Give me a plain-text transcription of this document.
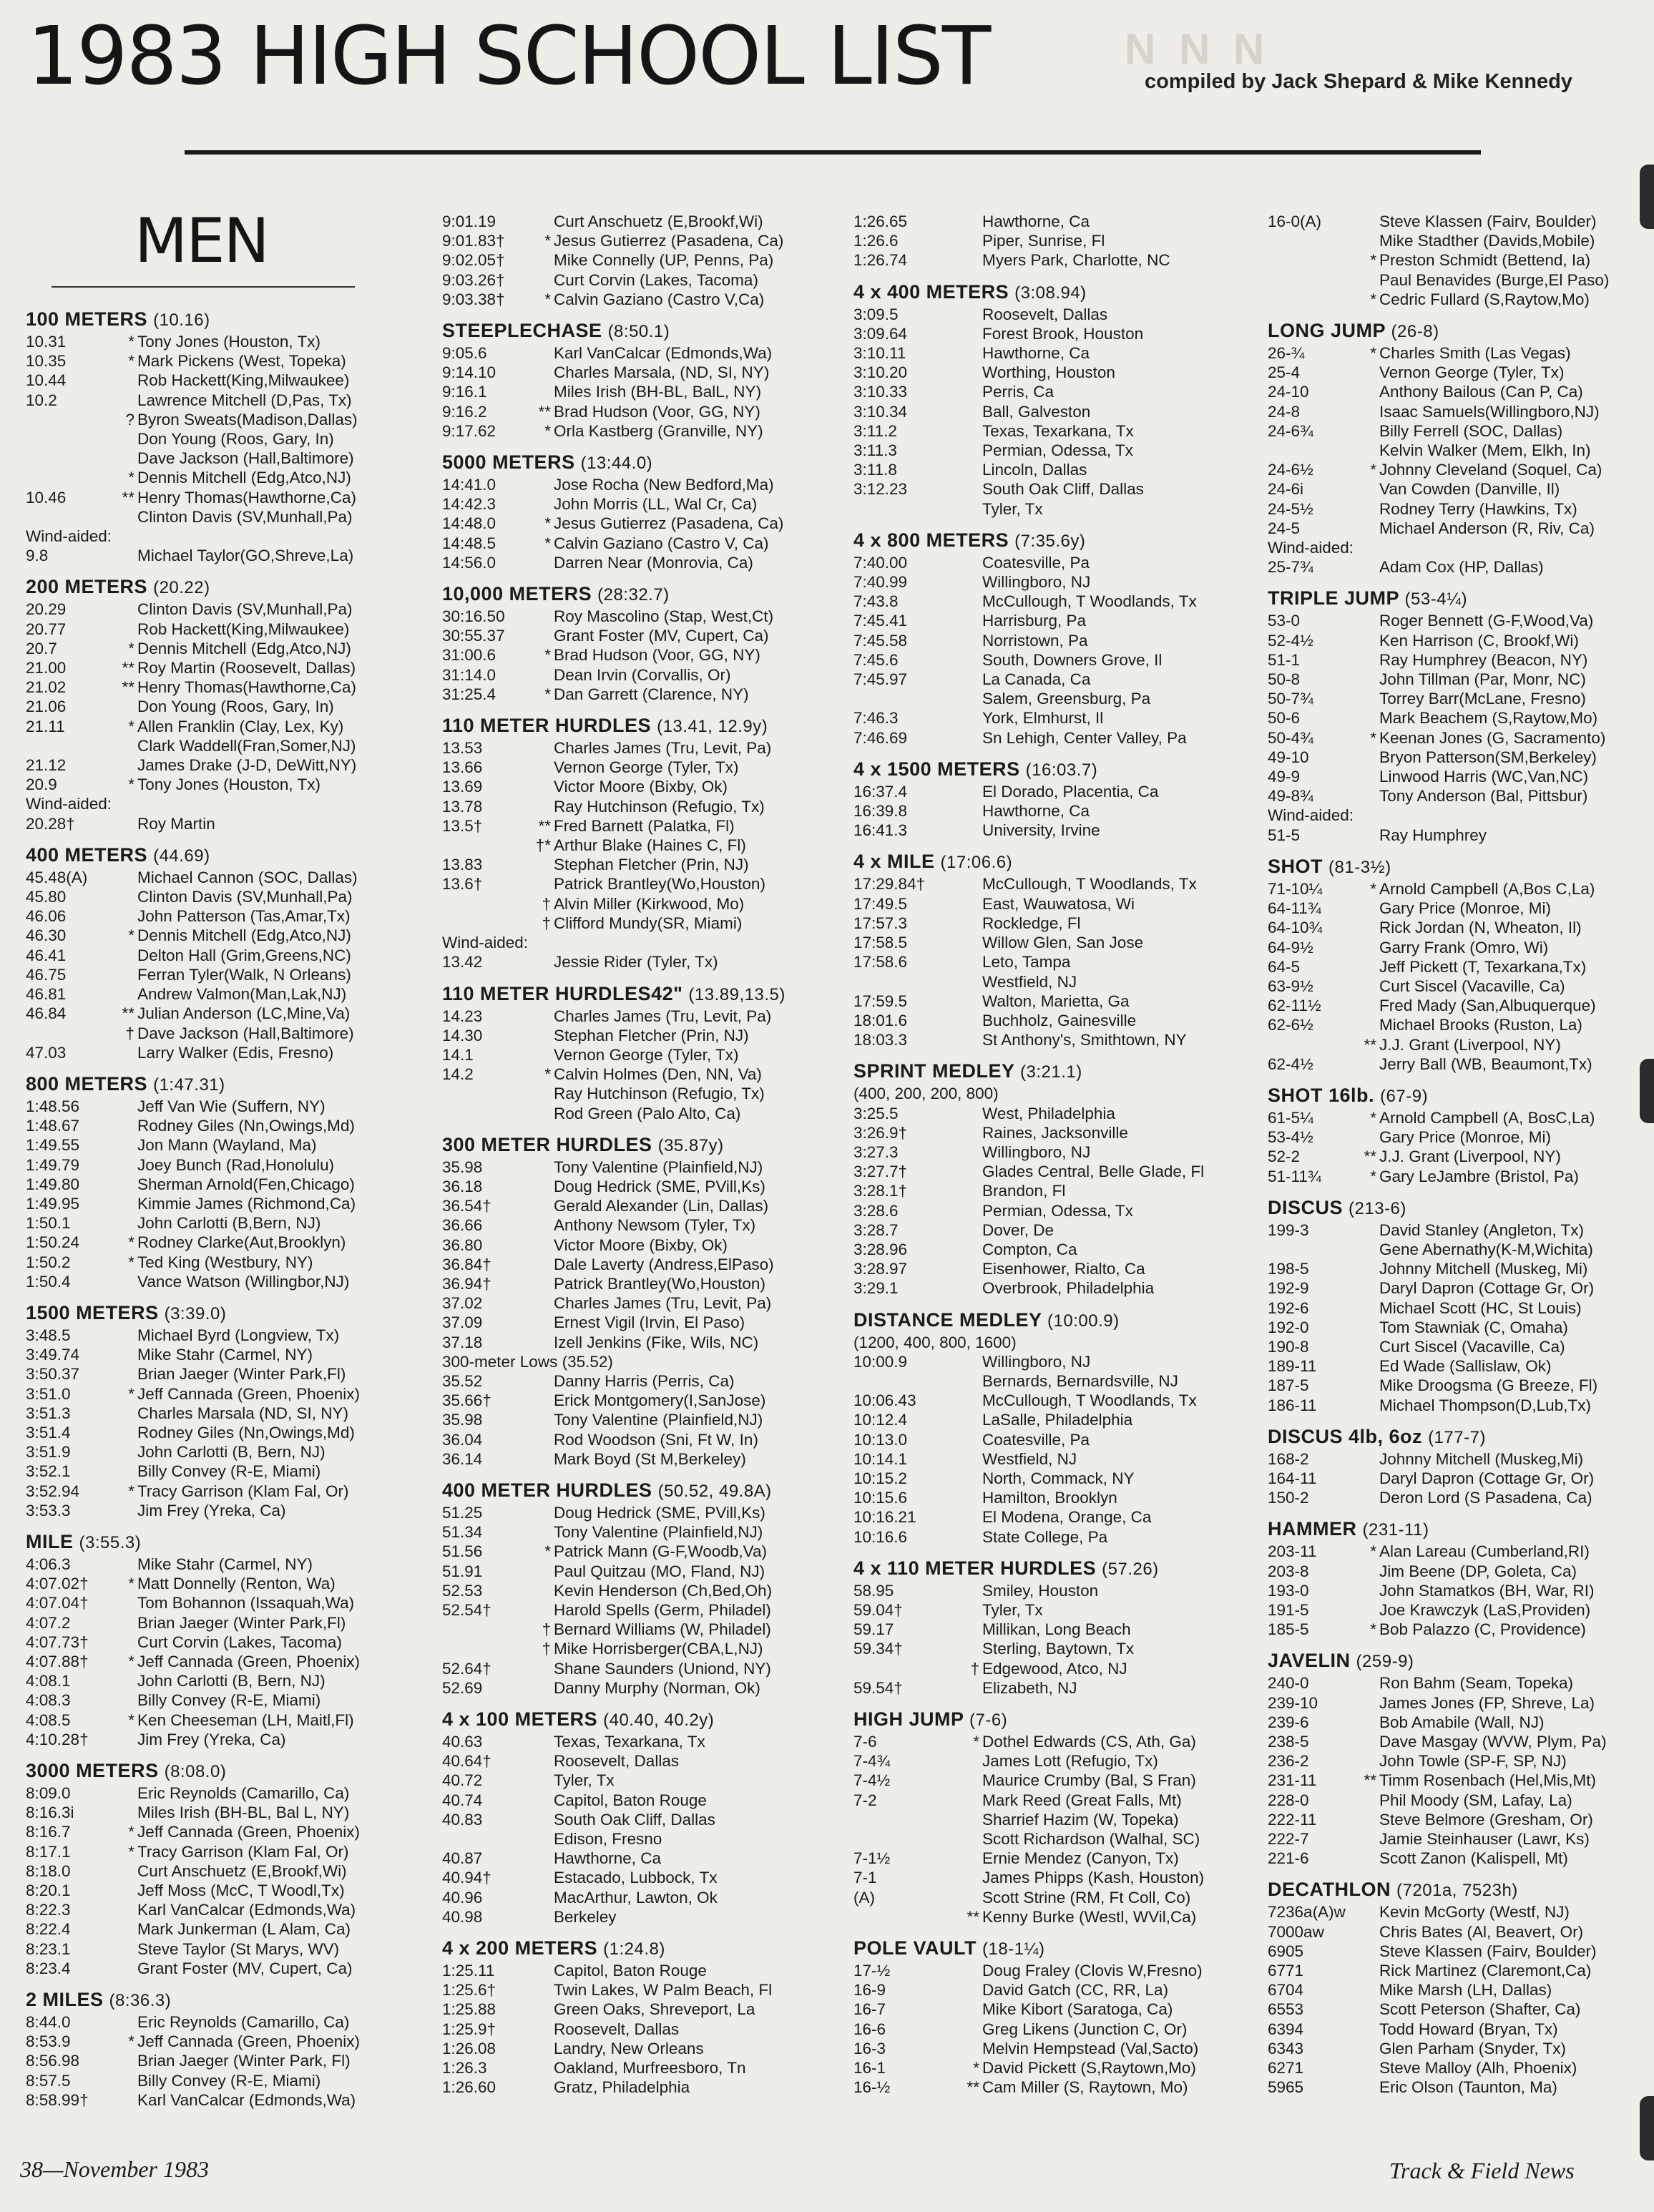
N N N
1983 HIGH SCHOOL LIST	compiled by Jack Shepard & Mike Kennedy
MEN
100 METERS (10.16)
10.31	* Tony Jones (Houston, Tx)
10.35	* Mark Pickens (West, Topeka)
10.44	Rob Hackett(King,Milwaukee)
10.2	Lawrence Mitchell (D,Pas, Tx)
? Byron Sweats(Madison,Dallas)
Don Young (Roos, Gary, In)
Dave Jackson (Hall,Baltimore)
* Dennis Mitchell (Edg,Atco,NJ)
10.46	** Henry Thomas(Hawthorne,Ca)
Clinton Davis (SV,Munhall,Pa)
Wind-aided:
9.8	Michael Taylor(GO,Shreve,La)
200 METERS (20.22)
20.29	Clinton Davis (SV,Munhall,Pa)
20.77	Rob Hackett(King,Milwaukee)
20.7	* Dennis Mitchell (Edg,Atco,NJ)
21.00	** Roy Martin (Roosevelt, Dallas)
21.02	** Henry Thomas(Hawthorne,Ca)
21.06	Don Young (Roos, Gary, In)
21.11	* Allen Franklin (Clay, Lex, Ky)
Clark Waddell(Fran,Somer,NJ)
21.12	James Drake (J-D, DeWitt,NY)
20.9	* Tony Jones (Houston, Tx)
Wind-aided:
20.28†	Roy Martin
400 METERS (44.69)
45.48(A)	Michael Cannon (SOC, Dallas)
45.80	Clinton Davis (SV,Munhall,Pa)
46.06	John Patterson (Tas,Amar,Tx)
46.30	* Dennis Mitchell (Edg,Atco,NJ)
46.41	Delton Hall (Grim,Greens,NC)
46.75	Ferran Tyler(Walk, N Orleans)
46.81	Andrew Valmon(Man,Lak,NJ)
46.84	** Julian Anderson (LC,Mine,Va)
† Dave Jackson (Hall,Baltimore)
47.03	Larry Walker (Edis, Fresno)
800 METERS (1:47.31)
1:48.56	Jeff Van Wie (Suffern, NY)
1:48.67	Rodney Giles (Nn,Owings,Md)
1:49.55	Jon Mann (Wayland, Ma)
1:49.79	Joey Bunch (Rad,Honolulu)
1:49.80	Sherman Arnold(Fen,Chicago)
1:49.95	Kimmie James (Richmond,Ca)
1:50.1	John Carlotti (B,Bern, NJ)
1:50.24	* Rodney Clarke(Aut,Brooklyn)
1:50.2	* Ted King (Westbury, NY)
1:50.4	Vance Watson (Willingbor,NJ)
1500 METERS (3:39.0)
3:48.5	Michael Byrd (Longview, Tx)
3:49.74	Mike Stahr (Carmel, NY)
3:50.37	Brian Jaeger (Winter Park,Fl)
3:51.0	* Jeff Cannada (Green, Phoenix)
3:51.3	Charles Marsala (ND, SI, NY)
3:51.4	Rodney Giles (Nn,Owings,Md)
3:51.9	John Carlotti (B, Bern, NJ)
3:52.1	Billy Convey (R-E, Miami)
3:52.94	* Tracy Garrison (Klam Fal, Or)
3:53.3	Jim Frey (Yreka, Ca)
MILE (3:55.3)
4:06.3	Mike Stahr (Carmel, NY)
4:07.02†	* Matt Donnelly (Renton, Wa)
4:07.04†	Tom Bohannon (Issaquah,Wa)
4:07.2	Brian Jaeger (Winter Park,Fl)
4:07.73†	Curt Corvin (Lakes, Tacoma)
4:07.88†	* Jeff Cannada (Green, Phoenix)
4:08.1	John Carlotti (B, Bern, NJ)
4:08.3	Billy Convey (R-E, Miami)
4:08.5	* Ken Cheeseman (LH, Maitl,Fl)
4:10.28†	Jim Frey (Yreka, Ca)
3000 METERS (8:08.0)
8:09.0	Eric Reynolds (Camarillo, Ca)
8:16.3i	Miles Irish (BH-BL, Bal L, NY)
8:16.7	* Jeff Cannada (Green, Phoenix)
8:17.1	* Tracy Garrison (Klam Fal, Or)
8:18.0	Curt Anschuetz (E,Brookf,Wi)
8:20.1	Jeff Moss (McC, T Woodl,Tx)
8:22.3	Karl VanCalcar (Edmonds,Wa)
8:22.4	Mark Junkerman (L Alam, Ca)
8:23.1	Steve Taylor (St Marys, WV)
8:23.4	Grant Foster (MV, Cupert, Ca)
2 MILES (8:36.3)
8:44.0	Eric Reynolds (Camarillo, Ca)
8:53.9	* Jeff Cannada (Green, Phoenix)
8:56.98	Brian Jaeger (Winter Park, Fl)
8:57.5	Billy Convey (R-E, Miami)
8:58.99†	Karl VanCalcar (Edmonds,Wa)
9:01.19	Curt Anschuetz (E,Brookf,Wi)
9:01.83†	* Jesus Gutierrez (Pasadena, Ca)
9:02.05†	Mike Connelly (UP, Penns, Pa)
9:03.26†	Curt Corvin (Lakes, Tacoma)
9:03.38†	* Calvin Gaziano (Castro V,Ca)
STEEPLECHASE (8:50.1)
9:05.6	Karl VanCalcar (Edmonds,Wa)
9:14.10	Charles Marsala, (ND, SI, NY)
9:16.1	Miles Irish (BH-BL, BalL, NY)
9:16.2	** Brad Hudson (Voor, GG, NY)
9:17.62	* Orla Kastberg (Granville, NY)
5000 METERS (13:44.0)
14:41.0	Jose Rocha (New Bedford,Ma)
14:42.3	John Morris (LL, Wal Cr, Ca)
14:48.0	* Jesus Gutierrez (Pasadena, Ca)
14:48.5	* Calvin Gaziano (Castro V, Ca)
14:56.0	Darren Near (Monrovia, Ca)
10,000 METERS (28:32.7)
30:16.50	Roy Mascolino (Stap, West,Ct)
30:55.37	Grant Foster (MV, Cupert, Ca)
31:00.6	* Brad Hudson (Voor, GG, NY)
31:14.0	Dean Irvin (Corvallis, Or)
31:25.4	* Dan Garrett (Clarence, NY)
110 METER HURDLES (13.41, 12.9y)
13.53	Charles James (Tru, Levit, Pa)
13.66	Vernon George (Tyler, Tx)
13.69	Victor Moore (Bixby, Ok)
13.78	Ray Hutchinson (Refugio, Tx)
13.5†	** Fred Barnett (Palatka, Fl)
†* Arthur Blake (Haines C, Fl)
13.83	Stephan Fletcher (Prin, NJ)
13.6†	Patrick Brantley(Wo,Houston)
† Alvin Miller (Kirkwood, Mo)
† Clifford Mundy(SR, Miami)
Wind-aided:
13.42	Jessie Rider (Tyler, Tx)
110 METER HURDLES42" (13.89,13.5)
14.23	Charles James (Tru, Levit, Pa)
14.30	Stephan Fletcher (Prin, NJ)
14.1	Vernon George (Tyler, Tx)
14.2	* Calvin Holmes (Den, NN, Va)
Ray Hutchinson (Refugio, Tx)
Rod Green (Palo Alto, Ca)
300 METER HURDLES (35.87y)
35.98	Tony Valentine (Plainfield,NJ)
36.18	Doug Hedrick (SME, PVill,Ks)
36.54†	Gerald Alexander (Lin, Dallas)
36.66	Anthony Newsom (Tyler, Tx)
36.80	Victor Moore (Bixby, Ok)
36.84†	Dale Laverty (Andress,ElPaso)
36.94†	Patrick Brantley(Wo,Houston)
37.02	Charles James (Tru, Levit, Pa)
37.09	Ernest Vigil (Irvin, El Paso)
37.18	Izell Jenkins (Fike, Wils, NC)
300-meter Lows (35.52)
35.52	Danny Harris (Perris, Ca)
35.66†	Erick Montgomery(I,SanJose)
35.98	Tony Valentine (Plainfield,NJ)
36.04	Rod Woodson (Sni, Ft W, In)
36.14	Mark Boyd (St M,Berkeley)
400 METER HURDLES (50.52, 49.8A)
51.25	Doug Hedrick (SME, PVill,Ks)
51.34	Tony Valentine (Plainfield,NJ)
51.56	* Patrick Mann (G-F,Woodb,Va)
51.91	Paul Quitzau (MO, Fland, NJ)
52.53	Kevin Henderson (Ch,Bed,Oh)
52.54†	Harold Spells (Germ, Philadel)
† Bernard Williams (W, Philadel)
† Mike Horrisberger(CBA,L,NJ)
52.64†	Shane Saunders (Uniond, NY)
52.69	Danny Murphy (Norman, Ok)
4 x 100 METERS (40.40, 40.2y)
40.63	Texas, Texarkana, Tx
40.64†	Roosevelt, Dallas
40.72	Tyler, Tx
40.74	Capitol, Baton Rouge
40.83	South Oak Cliff, Dallas
Edison, Fresno
40.87	Hawthorne, Ca
40.94†	Estacado, Lubbock, Tx
40.96	MacArthur, Lawton, Ok
40.98	Berkeley
4 x 200 METERS (1:24.8)
1:25.11	Capitol, Baton Rouge
1:25.6†	Twin Lakes, W Palm Beach, Fl
1:25.88	Green Oaks, Shreveport, La
1:25.9†	Roosevelt, Dallas
1:26.08	Landry, New Orleans
1:26.3	Oakland, Murfreesboro, Tn
1:26.60	Gratz, Philadelphia
1:26.65	Hawthorne, Ca
1:26.6	Piper, Sunrise, Fl
1:26.74	Myers Park, Charlotte, NC
4 x 400 METERS (3:08.94)
3:09.5	Roosevelt, Dallas
3:09.64	Forest Brook, Houston
3:10.11	Hawthorne, Ca
3:10.20	Worthing, Houston
3:10.33	Perris, Ca
3:10.34	Ball, Galveston
3:11.2	Texas, Texarkana, Tx
3:11.3	Permian, Odessa, Tx
3:11.8	Lincoln, Dallas
3:12.23	South Oak Cliff, Dallas
Tyler, Tx
4 x 800 METERS (7:35.6y)
7:40.00	Coatesville, Pa
7:40.99	Willingboro, NJ
7:43.8	McCullough, T Woodlands, Tx
7:45.41	Harrisburg, Pa
7:45.58	Norristown, Pa
7:45.6	South, Downers Grove, Il
7:45.97	La Canada, Ca
Salem, Greensburg, Pa
7:46.3	York, Elmhurst, Il
7:46.69	Sn Lehigh, Center Valley, Pa
4 x 1500 METERS (16:03.7)
16:37.4	El Dorado, Placentia, Ca
16:39.8	Hawthorne, Ca
16:41.3	University, Irvine
4 x MILE (17:06.6)
17:29.84†	McCullough, T Woodlands, Tx
17:49.5	East, Wauwatosa, Wi
17:57.3	Rockledge, Fl
17:58.5	Willow Glen, San Jose
17:58.6	Leto, Tampa
Westfield, NJ
17:59.5	Walton, Marietta, Ga
18:01.6	Buchholz, Gainesville
18:03.3	St Anthony's, Smithtown, NY
SPRINT MEDLEY (3:21.1)
(400, 200, 200, 800)
3:25.5	West, Philadelphia
3:26.9†	Raines, Jacksonville
3:27.3	Willingboro, NJ
3:27.7†	Glades Central, Belle Glade, Fl
3:28.1†	Brandon, Fl
3:28.6	Permian, Odessa, Tx
3:28.7	Dover, De
3:28.96	Compton, Ca
3:28.97	Eisenhower, Rialto, Ca
3:29.1	Overbrook, Philadelphia
DISTANCE MEDLEY (10:00.9)
(1200, 400, 800, 1600)
10:00.9	Willingboro, NJ
Bernards, Bernardsville, NJ
10:06.43	McCullough, T Woodlands, Tx
10:12.4	LaSalle, Philadelphia
10:13.0	Coatesville, Pa
10:14.1	Westfield, NJ
10:15.2	North, Commack, NY
10:15.6	Hamilton, Brooklyn
10:16.21	El Modena, Orange, Ca
10:16.6	State College, Pa
4 x 110 METER HURDLES (57.26)
58.95	Smiley, Houston
59.04†	Tyler, Tx
59.17	Millikan, Long Beach
59.34†	Sterling, Baytown, Tx
† Edgewood, Atco, NJ
59.54†	Elizabeth, NJ
HIGH JUMP (7-6)
7-6	* Dothel Edwards (CS, Ath, Ga)
7-4¾	James Lott (Refugio, Tx)
7-4½	Maurice Crumby (Bal, S Fran)
7-2	Mark Reed (Great Falls, Mt)
Sharrief Hazim (W, Topeka)
Scott Richardson (Walhal, SC)
7-1½	Ernie Mendez (Canyon, Tx)
7-1	James Phipps (Kash, Houston)
(A)	Scott Strine (RM, Ft Coll, Co)
** Kenny Burke (Westl, WVil,Ca)
POLE VAULT (18-1¼)
17-½	Doug Fraley (Clovis W,Fresno)
16-9	David Gatch (CC, RR, La)
16-7	Mike Kibort (Saratoga, Ca)
16-6	Greg Likens (Junction C, Or)
16-3	Melvin Hempstead (Val,Sacto)
16-1	* David Pickett (S,Raytown,Mo)
16-½	** Cam Miller (S, Raytown, Mo)
16-0(A)	Steve Klassen (Fairv, Boulder)
Mike Stadther (Davids,Mobile)
* Preston Schmidt (Bettend, Ia)
Paul Benavides (Burge,El Paso)
* Cedric Fullard (S,Raytow,Mo)
LONG JUMP (26-8)
26-¾	* Charles Smith (Las Vegas)
25-4	Vernon George (Tyler, Tx)
24-10	Anthony Bailous (Can P, Ca)
24-8	Isaac Samuels(Willingboro,NJ)
24-6¾	Billy Ferrell (SOC, Dallas)
Kelvin Walker (Mem, Elkh, In)
24-6½	* Johnny Cleveland (Soquel, Ca)
24-6i	Van Cowden (Danville, Il)
24-5½	Rodney Terry (Hawkins, Tx)
24-5	Michael Anderson (R, Riv, Ca)
Wind-aided:
25-7¾	Adam Cox (HP, Dallas)
TRIPLE JUMP (53-4¼)
53-0	Roger Bennett (G-F,Wood,Va)
52-4½	Ken Harrison (C, Brookf,Wi)
51-1	Ray Humphrey (Beacon, NY)
50-8	John Tillman (Par, Monr, NC)
50-7¾	Torrey Barr(McLane, Fresno)
50-6	Mark Beachem (S,Raytow,Mo)
50-4¾	* Keenan Jones (G, Sacramento)
49-10	Bryon Patterson(SM,Berkeley)
49-9	Linwood Harris (WC,Van,NC)
49-8¾	Tony Anderson (Bal, Pittsbur)
Wind-aided:
51-5	Ray Humphrey
SHOT (81-3½)
71-10¼	* Arnold Campbell (A,Bos C,La)
64-11¾	Gary Price (Monroe, Mi)
64-10¾	Rick Jordan (N, Wheaton, Il)
64-9½	Garry Frank (Omro, Wi)
64-5	Jeff Pickett (T, Texarkana,Tx)
63-9½	Curt Siscel (Vacaville, Ca)
62-11½	Fred Mady (San,Albuquerque)
62-6½	Michael Brooks (Ruston, La)
** J.J. Grant (Liverpool, NY)
62-4½	Jerry Ball (WB, Beaumont,Tx)
SHOT 16lb. (67-9)
61-5¼	* Arnold Campbell (A, BosC,La)
53-4½	Gary Price (Monroe, Mi)
52-2	** J.J. Grant (Liverpool, NY)
51-11¾	* Gary LeJambre (Bristol, Pa)
DISCUS (213-6)
199-3	David Stanley (Angleton, Tx)
Gene Abernathy(K-M,Wichita)
198-5	Johnny Mitchell (Muskeg, Mi)
192-9	Daryl Dapron (Cottage Gr, Or)
192-6	Michael Scott (HC, St Louis)
192-0	Tom Stawniak (C, Omaha)
190-8	Curt Siscel (Vacaville, Ca)
189-11	Ed Wade (Sallislaw, Ok)
187-5	Mike Droogsma (G Breeze, Fl)
186-11	Michael Thompson(D,Lub,Tx)
DISCUS 4lb, 6oz (177-7)
168-2	Johnny Mitchell (Muskeg,Mi)
164-11	Daryl Dapron (Cottage Gr, Or)
150-2	Deron Lord (S Pasadena, Ca)
HAMMER (231-11)
203-11	* Alan Lareau (Cumberland,RI)
203-8	Jim Beene (DP, Goleta, Ca)
193-0	John Stamatkos (BH, War, RI)
191-5	Joe Krawczyk (LaS,Providen)
185-5	* Bob Palazzo (C, Providence)
JAVELIN (259-9)
240-0	Ron Bahm (Seam, Topeka)
239-10	James Jones (FP, Shreve, La)
239-6	Bob Amabile (Wall, NJ)
238-5	Dave Masgay (WVW, Plym, Pa)
236-2	John Towle (SP-F, SP, NJ)
231-11	** Timm Rosenbach (Hel,Mis,Mt)
228-0	Phil Moody (SM, Lafay, La)
222-11	Steve Belmore (Gresham, Or)
222-7	Jamie Steinhauser (Lawr, Ks)
221-6	Scott Zanon (Kalispell, Mt)
DECATHLON (7201a, 7523h)
7236a(A)w	Kevin McGorty (Westf, NJ)
7000aw	Chris Bates (Al, Beavert, Or)
6905	Steve Klassen (Fairv, Boulder)
6771	Rick Martinez (Claremont,Ca)
6704	Mike Marsh (LH, Dallas)
6553	Scott Peterson (Shafter, Ca)
6394	Todd Howard (Bryan, Tx)
6343	Glen Parham (Snyder, Tx)
6271	Steve Malloy (Alh, Phoenix)
5965	Eric Olson (Taunton, Ma)
38—November 1983	Track & Field News
